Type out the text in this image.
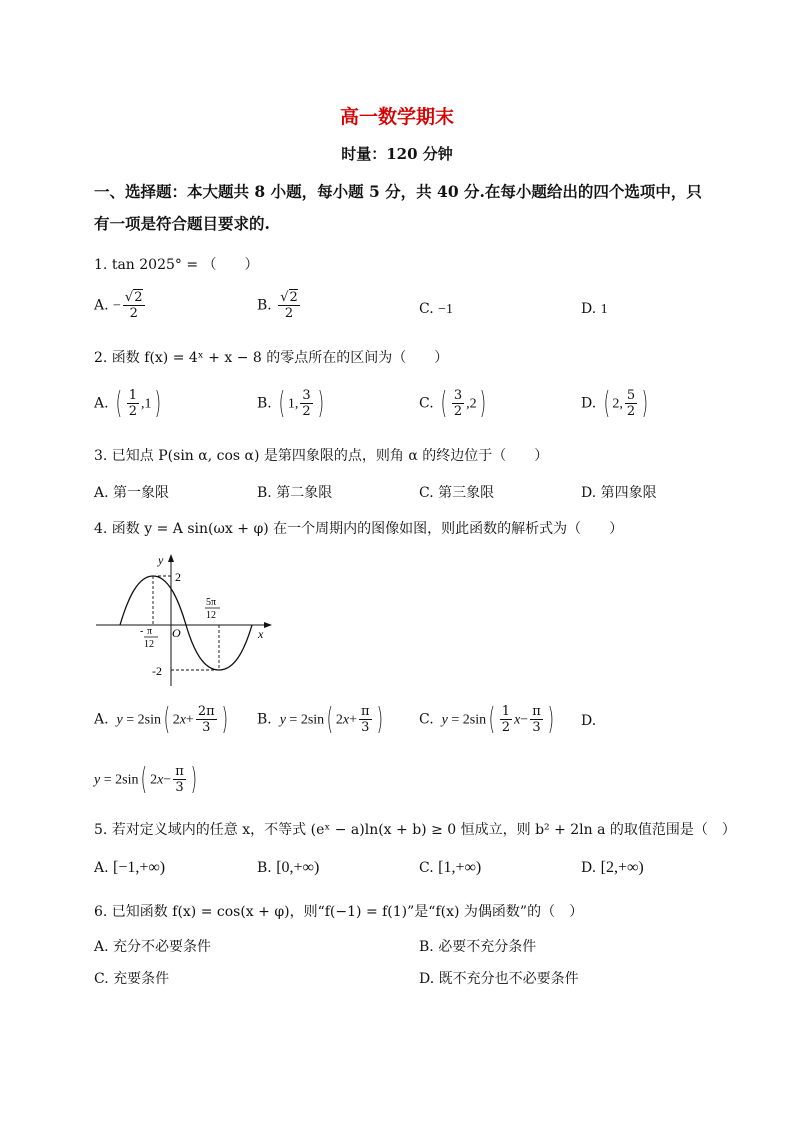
高一数学期末
时量：120 分钟
一、选择题：本大题共 8 小题，每小题 5 分，共 40 分.在每小题给出的四个选项中，只
有一项是符合题目要求的.
1. tan 2025° = （　　）
A. − $\frac{√2}{2}$	B. $\frac{√2}{2}$	C. −1	D. 1
2. 函数 f(x) = 4ˣ + x − 8 的零点所在的区间为（　　）
A. ( $\frac{1}{2} ,1$)	B. ( 1, $\frac{3}{2}$ )	C. ( $\frac{3}{2} ,2$)	D. ( 2, $\frac{5}{2}$ )
3. 已知点 P(sin α, cos α) 是第四象限的点，则角 α 的终边位于（　　）
A. 第一象限	B. 第二象限	C. 第三象限	D. 第四象限
4. 函数 y = A sin(ωx + φ) 在一个周期内的图像如图，则此函数的解析式为（　　）
y
x
O
2
-2
- π
12
5π
12
A.  y = 2sin( $2x+ \frac{2\pi}{3}$ ) B.  y = 2sin( $2x+ \frac{\pi}{3}$ )	C.  $y = 2\sin( \frac{1}{2} x- \frac{\pi}{3}$ ) D.
y = 2sin( $2x- \frac{\pi}{3}$ )
5. 若对定义域内的任意 x，不等式 (eˣ − a)ln(x + b) ≥ 0 恒成立，则 b² + 2ln a 的取值范围是（　）
A. [−1,+∞)	B. [0,+∞)	C. [1,+∞)	D. [2,+∞)
6. 已知函数 f(x) = cos(x + φ)，则“f(−1) = f(1)”是“f(x) 为偶函数”的（　）
A. 充分不必要条件	B. 必要不充分条件
C. 充要条件	D. 既不充分也不必要条件
